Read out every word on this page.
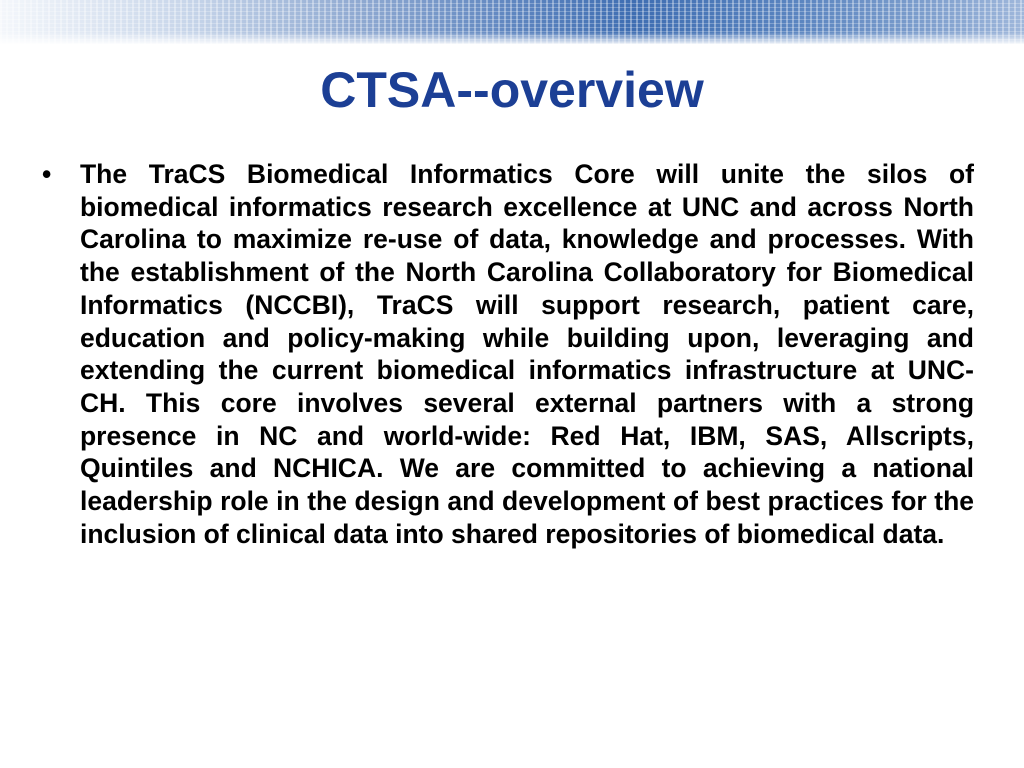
CTSA--overview
• The TraCS Biomedical Informatics Core will unite the silos of biomedical informatics research excellence at UNC and across North Carolina to maximize re-use of data, knowledge and processes. With the establishment of the North Carolina Collaboratory for Biomedical Informatics (NCCBI), TraCS will support research, patient care, education and policy-making while building upon, leveraging and extending the current biomedical informatics infrastructure at UNC-CH. This core involves several external partners with a strong presence in NC and world-wide: Red Hat, IBM, SAS, Allscripts, Quintiles and NCHICA. We are committed to achieving a national leadership role in the design and development of best practices for the inclusion of clinical data into shared repositories of biomedical data.
